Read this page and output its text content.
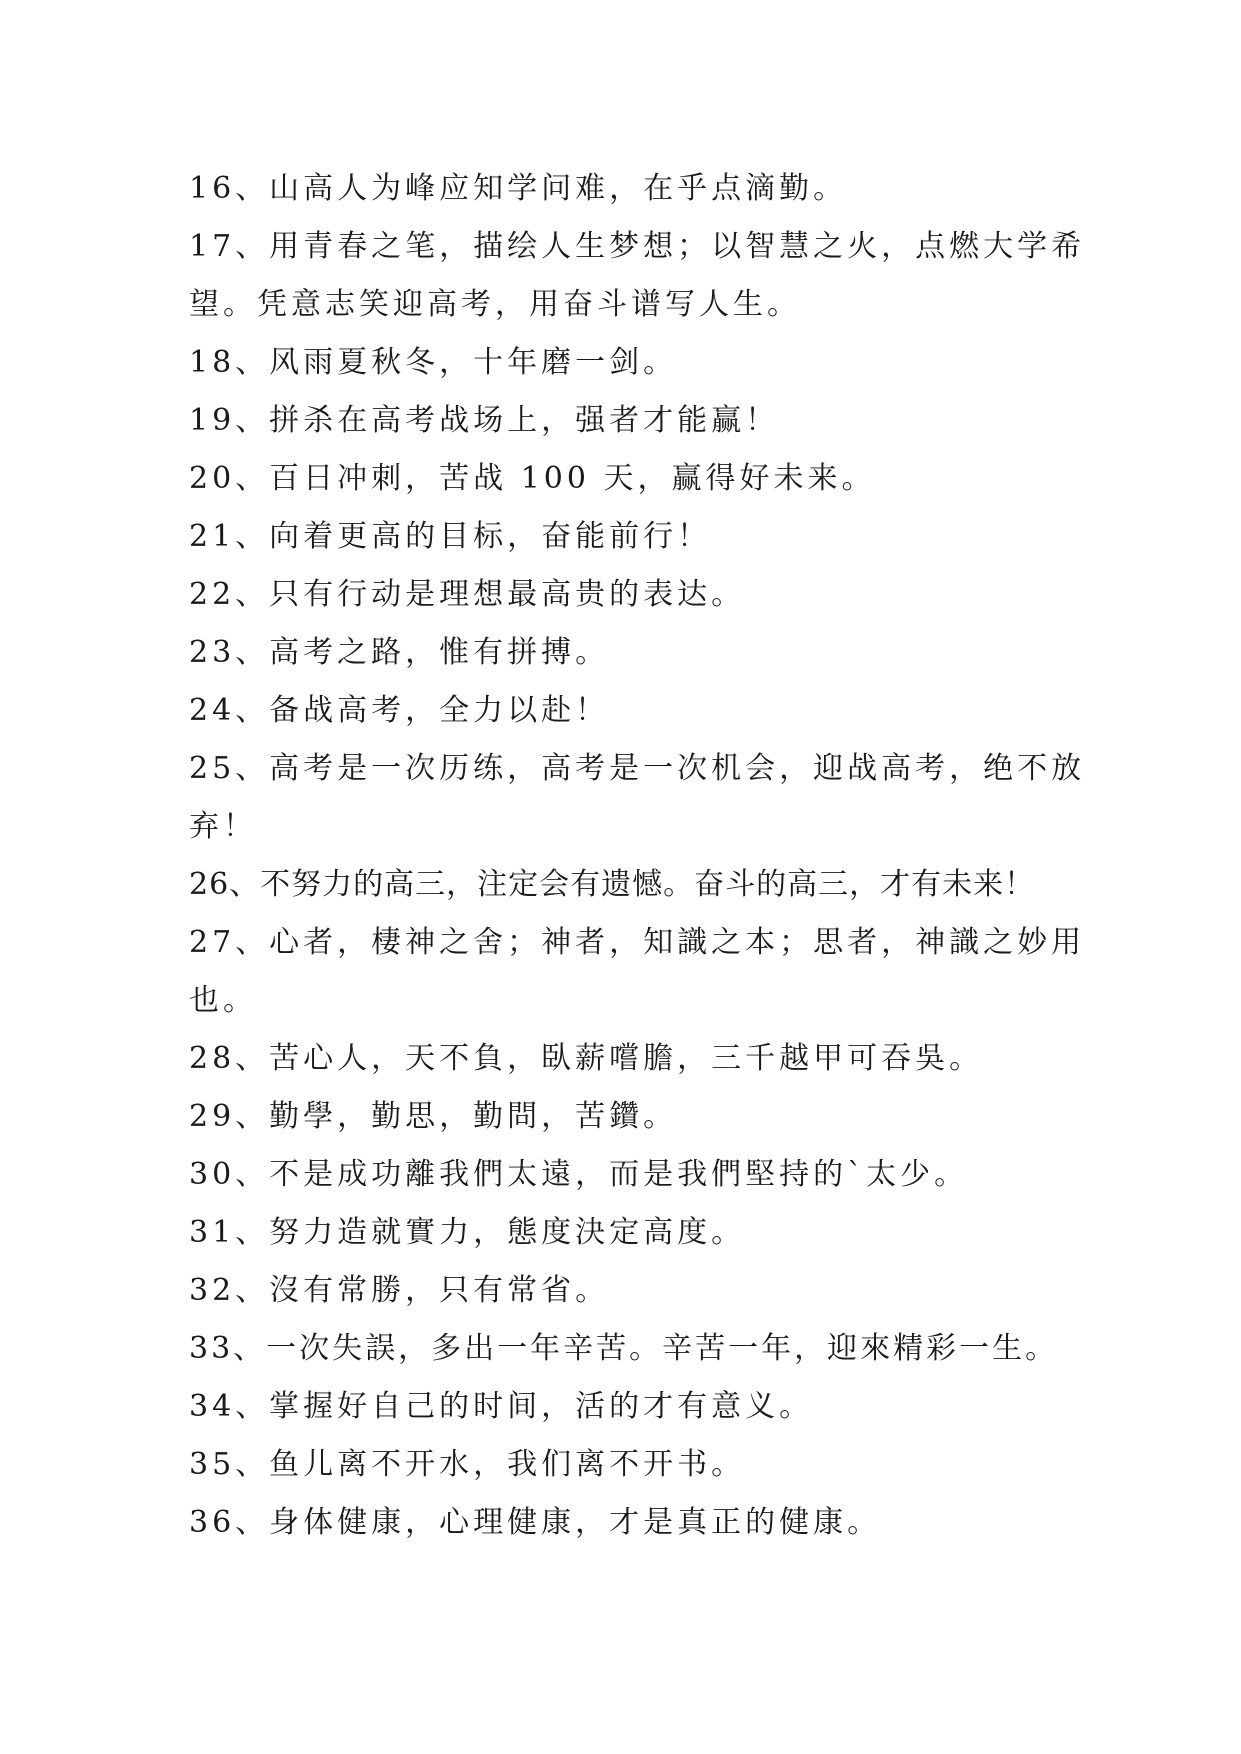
16、山高人为峰应知学问难，在乎点滴勤。

17、用青春之笔，描绘人生梦想；以智慧之火，点燃大学希

望。凭意志笑迎高考，用奋斗谱写人生。

18、风雨夏秋冬，十年磨一剑。

19、拼杀在高考战场上，强者才能赢！

20、百日冲刺，苦战 100 天，赢得好未来。

21、向着更高的目标，奋能前行！

22、只有行动是理想最高贵的表达。

23、高考之路，惟有拼搏。

24、备战高考，全力以赴！

25、高考是一次历练，高考是一次机会，迎战高考，绝不放

弃！

26、不努力的高三，注定会有遗憾。奋斗的高三，才有未来！

27、心者，棲神之舍；神者，知識之本；思者，神識之妙用

也。

28、苦心人，天不負，臥薪嚐膽，三千越甲可吞吳。

29、勤學，勤思，勤問，苦鑽。

30、不是成功離我們太遠，而是我們堅持的`太少。

31、努力造就實力，態度決定高度。

32、沒有常勝，只有常省。

33、一次失誤，多出一年辛苦。辛苦一年，迎來精彩一生。

34、掌握好自己的时间，活的才有意义。

35、鱼儿离不开水，我们离不开书。

36、身体健康，心理健康，才是真正的健康。
